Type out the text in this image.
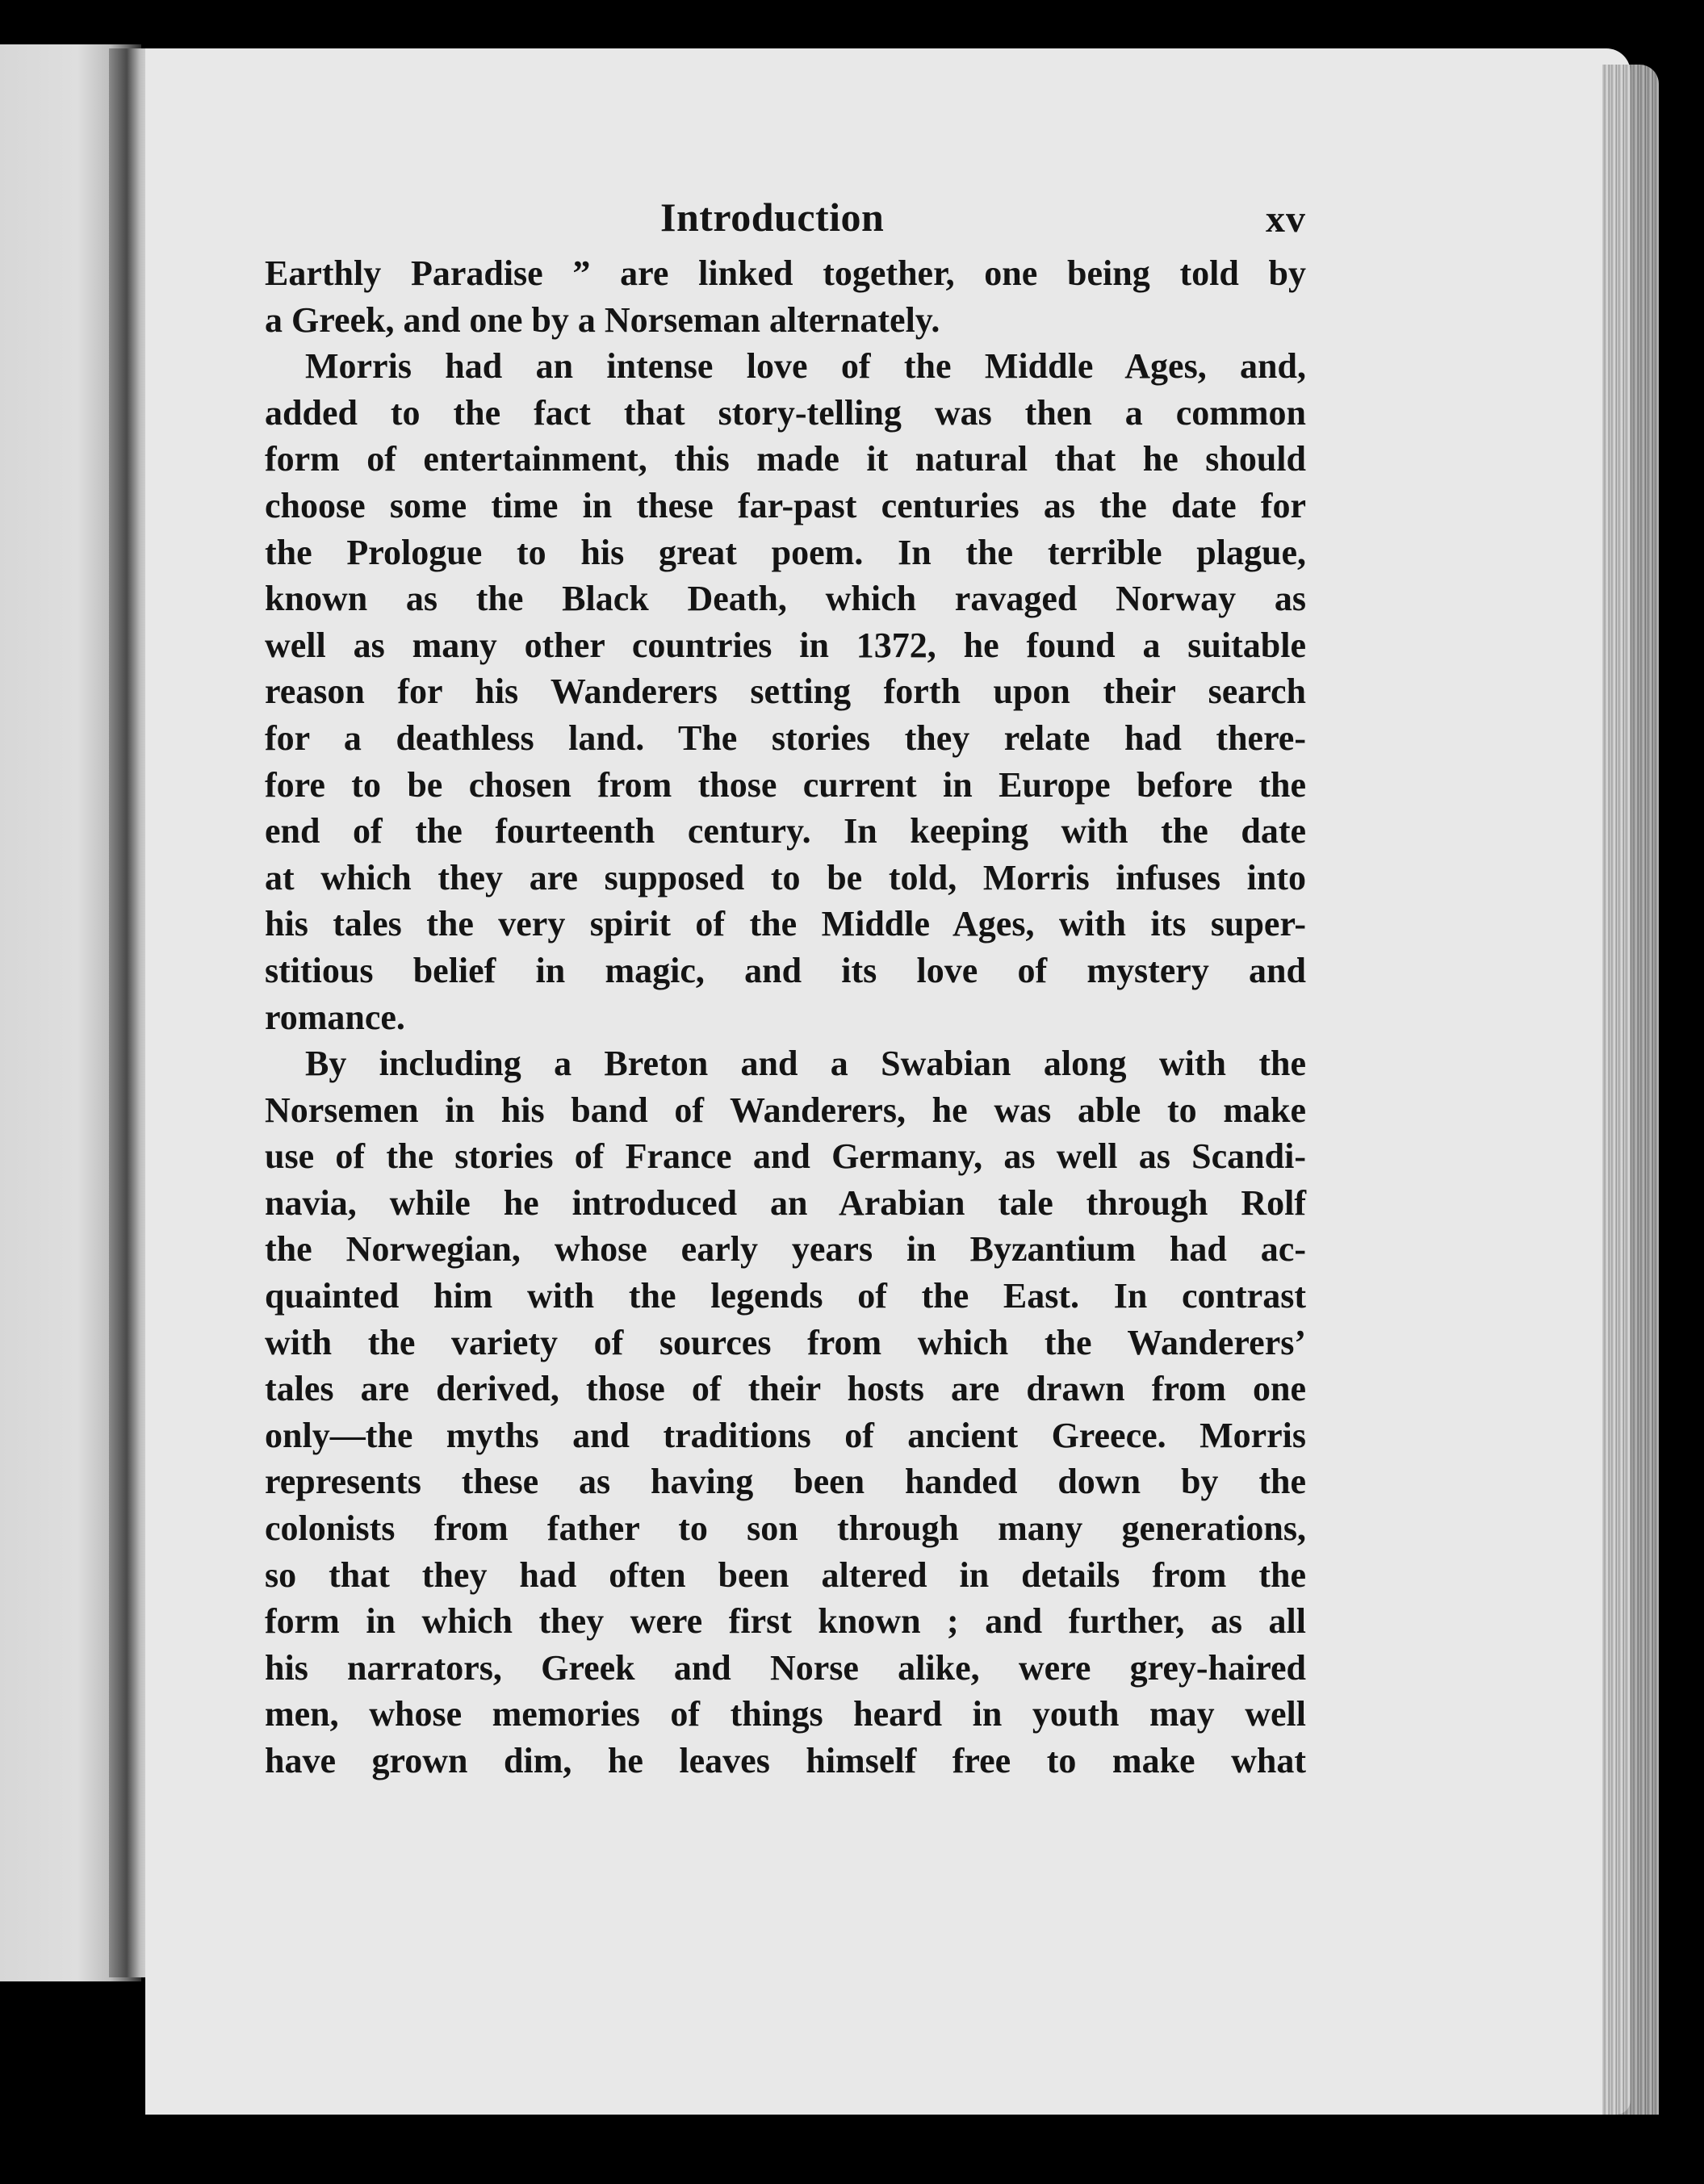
Introduction	xv
Earthly Paradise ” are linked together, one being told by
a Greek, and one by a Norseman alternately.
Morris had an intense love of the Middle Ages, and,
added to the fact that story-telling was then a common
form of entertainment, this made it natural that he should
choose some time in these far-past centuries as the date for
the Prologue to his great poem. In the terrible plague,
known as the Black Death, which ravaged Norway as
well as many other countries in 1372, he found a suitable
reason for his Wanderers setting forth upon their search
for a deathless land. The stories they relate had there-
fore to be chosen from those current in Europe before the
end of the fourteenth century. In keeping with the date
at which they are supposed to be told, Morris infuses into
his tales the very spirit of the Middle Ages, with its super-
stitious belief in magic, and its love of mystery and
romance.
By including a Breton and a Swabian along with the
Norsemen in his band of Wanderers, he was able to make
use of the stories of France and Germany, as well as Scandi-
navia, while he introduced an Arabian tale through Rolf
the Norwegian, whose early years in Byzantium had ac-
quainted him with the legends of the East. In contrast
with the variety of sources from which the Wanderers’
tales are derived, those of their hosts are drawn from one
only—the myths and traditions of ancient Greece. Morris
represents these as having been handed down by the
colonists from father to son through many generations,
so that they had often been altered in details from the
form in which they were first known ; and further, as all
his narrators, Greek and Norse alike, were grey-haired
men, whose memories of things heard in youth may well
have grown dim, he leaves himself free to make what
